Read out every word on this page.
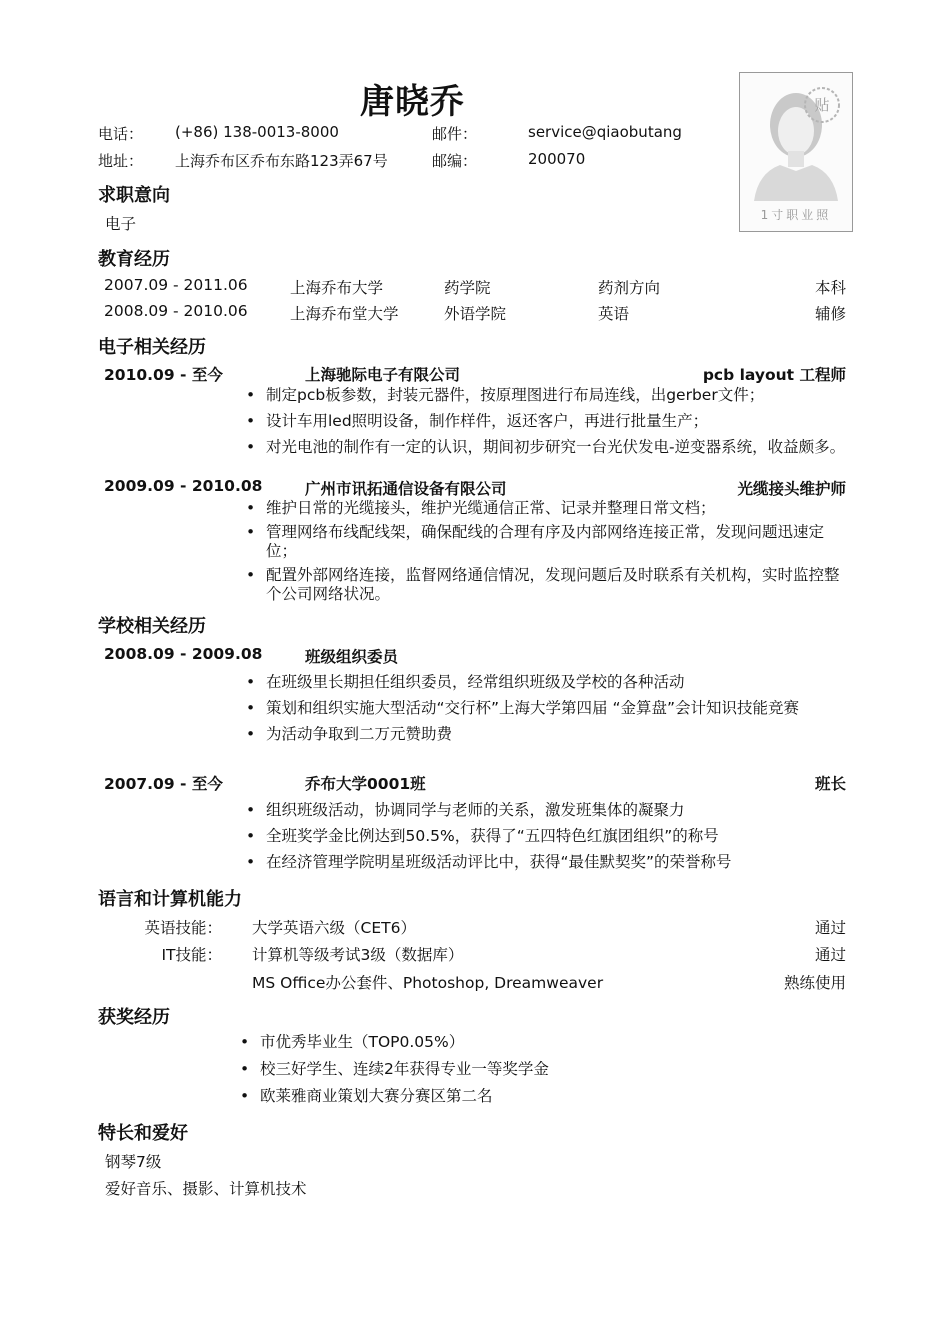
唐晓乔
电话： (+86) 138-0013-8000	邮件：	service@qiaobutang
地址： 上海乔布区乔布东路123弄67号	邮编：	200070
贴
1寸职业照
求职意向
电子
教育经历
2007.09 - 2011.06	上海乔布大学	药学院	药剂方向	本科
2008.09 - 2010.06	上海乔布堂大学	外语学院	英语	辅修
电子相关经历
2010.09 - 至今	上海驰际电子有限公司	pcb layout 工程师
• 制定pcb板参数，封装元器件，按原理图进行布局连线，出gerber文件；
• 设计车用led照明设备，制作样件，返还客户，再进行批量生产；
• 对光电池的制作有一定的认识，期间初步研究一台光伏发电-逆变器系统，收益颇多。
2009.09 - 2010.08	广州市讯拓通信设备有限公司	光缆接头维护师
• 维护日常的光缆接头，维护光缆通信正常、记录并整理日常文档；
• 管理网络布线配线架，确保配线的合理有序及内部网络连接正常，发现问题迅速定位；
• 配置外部网络连接，监督网络通信情况，发现问题后及时联系有关机构，实时监控整个公司网络状况。
学校相关经历
2008.09 - 2009.08	班级组织委员
• 在班级里长期担任组织委员，经常组织班级及学校的各种活动
• 策划和组织实施大型活动“交行杯”上海大学第四届 “金算盘”会计知识技能竞赛
• 为活动争取到二万元赞助费
2007.09 - 至今	乔布大学0001班	班长
• 组织班级活动，协调同学与老师的关系，激发班集体的凝聚力
• 全班奖学金比例达到50.5%，获得了“五四特色红旗团组织”的称号
• 在经济管理学院明星班级活动评比中，获得“最佳默契奖”的荣誉称号
语言和计算机能力
英语技能： 大学英语六级（CET6）	通过
IT技能： 计算机等级考试3级（数据库）	通过
MS Office办公套件、Photoshop, Dreamweaver	熟练使用
获奖经历
• 市优秀毕业生（TOP0.05%）
• 校三好学生、连续2年获得专业一等奖学金
• 欧莱雅商业策划大赛分赛区第二名
特长和爱好
钢琴7级
爱好音乐、摄影、计算机技术
